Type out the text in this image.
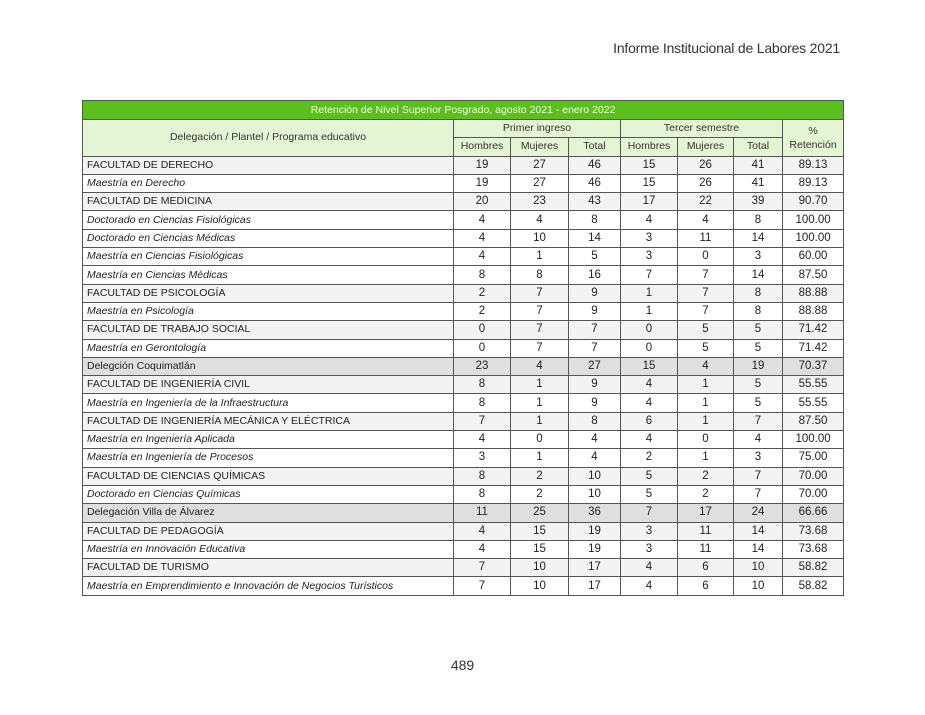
Informe Institucional de Labores 2021
Retención de Nivel Superior Posgrado, agosto 2021 - enero 2022							
Delegación / Plantel / Programa educativo	Primer ingreso			Tercer semestre			%
Retención

	Hombres	Mujeres	Total	Hombres	Mujeres	Total	
FACULTAD DE DERECHO	19	27	46	15	26	41	89.13
Maestría en Derecho	19	27	46	15	26	41	89.13
FACULTAD DE MEDICINA	20	23	43	17	22	39	90.70
Doctorado en Ciencias Fisiológicas	4	4	8	4	4	8	100.00
Doctorado en Ciencias Médicas	4	10	14	3	11	14	100.00
Maestría en Ciencias Fisiológicas	4	1	5	3	0	3	60.00
Maestría en Ciencias Médicas	8	8	16	7	7	14	87.50
FACULTAD DE PSICOLOGÍA	2	7	9	1	7	8	88.88
Maestría en Psicología	2	7	9	1	7	8	88.88
FACULTAD DE TRABAJO SOCIAL	0	7	7	0	5	5	71.42
Maestría en Gerontología	0	7	7	0	5	5	71.42
Delegción Coquimatlán	23	4	27	15	4	19	70.37
FACULTAD DE INGENIERÍA CIVIL	8	1	9	4	1	5	55.55
Maestría en Ingeniería de la Infraestructura	8	1	9	4	1	5	55.55
FACULTAD DE INGENIERÍA MECÁNICA Y ELÉCTRICA	7	1	8	6	1	7	87.50
Maestría en Ingeniería Aplicada	4	0	4	4	0	4	100.00
Maestría en Ingeniería de Procesos	3	1	4	2	1	3	75.00
FACULTAD DE CIENCIAS QUÍMICAS	8	2	10	5	2	7	70.00
Doctorado en Ciencias Químicas	8	2	10	5	2	7	70.00
Delegación Villa de Álvarez	11	25	36	7	17	24	66.66
FACULTAD DE PEDAGOGÍA	4	15	19	3	11	14	73.68
Maestría en Innovación Educativa	4	15	19	3	11	14	73.68
FACULTAD DE TURISMO	7	10	17	4	6	10	58.82
Maestría en Emprendimiento e Innovación de Negocios Turísticos	7	10	17	4	6	10	58.82
489
